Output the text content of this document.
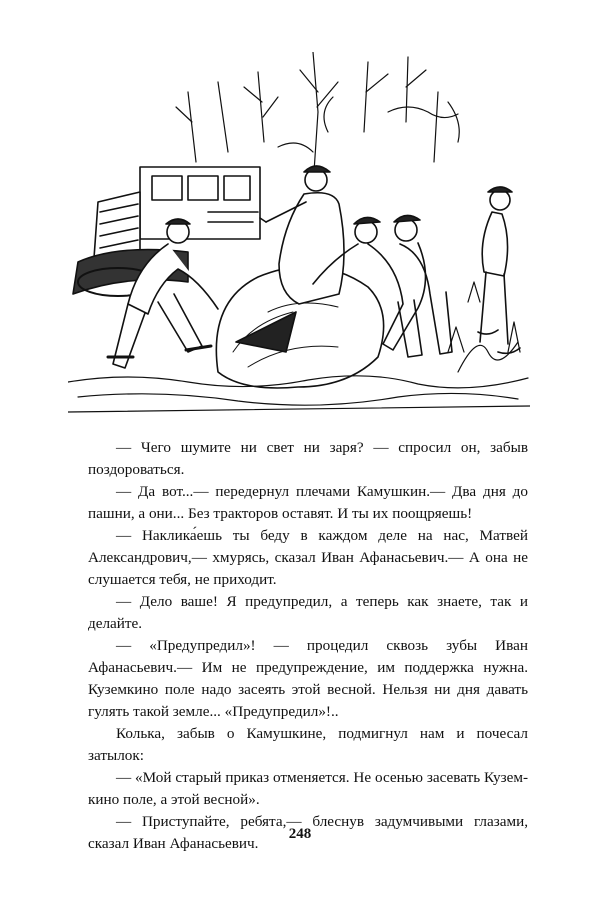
— Чего шумите ни свет ни заря? — спросил он, забыв поздороваться.

— Да вот...— передернул плечами Камушкин.— Два дня до пашни, а они... Без тракторов оставят. И ты их поощряешь!

— Наклика́ешь ты беду в каждом деле на нас, Матвей Александрович,— хмурясь, сказал Иван Афанасьевич.— А она не слушается тебя, не приходит.

— Дело ваше! Я предупредил, а теперь как знаете, так и делайте.

— «Предупредил»! — процедил сквозь зубы Иван Афанасьевич.— Им не предупреждение, им поддержка нужна. Куземкино поле надо засеять этой весной. Нельзя ни дня давать гулять такой земле... «Предупредил»!..

Колька, забыв о Камушкине, подмигнул нам и почесал затылок:

— «Мой старый приказ отменяется. Не осенью засевать Куземкино поле, а этой весной».

— Приступайте, ребята,— блеснув задумчивыми глазами, сказал Иван Афанасьевич.

248
